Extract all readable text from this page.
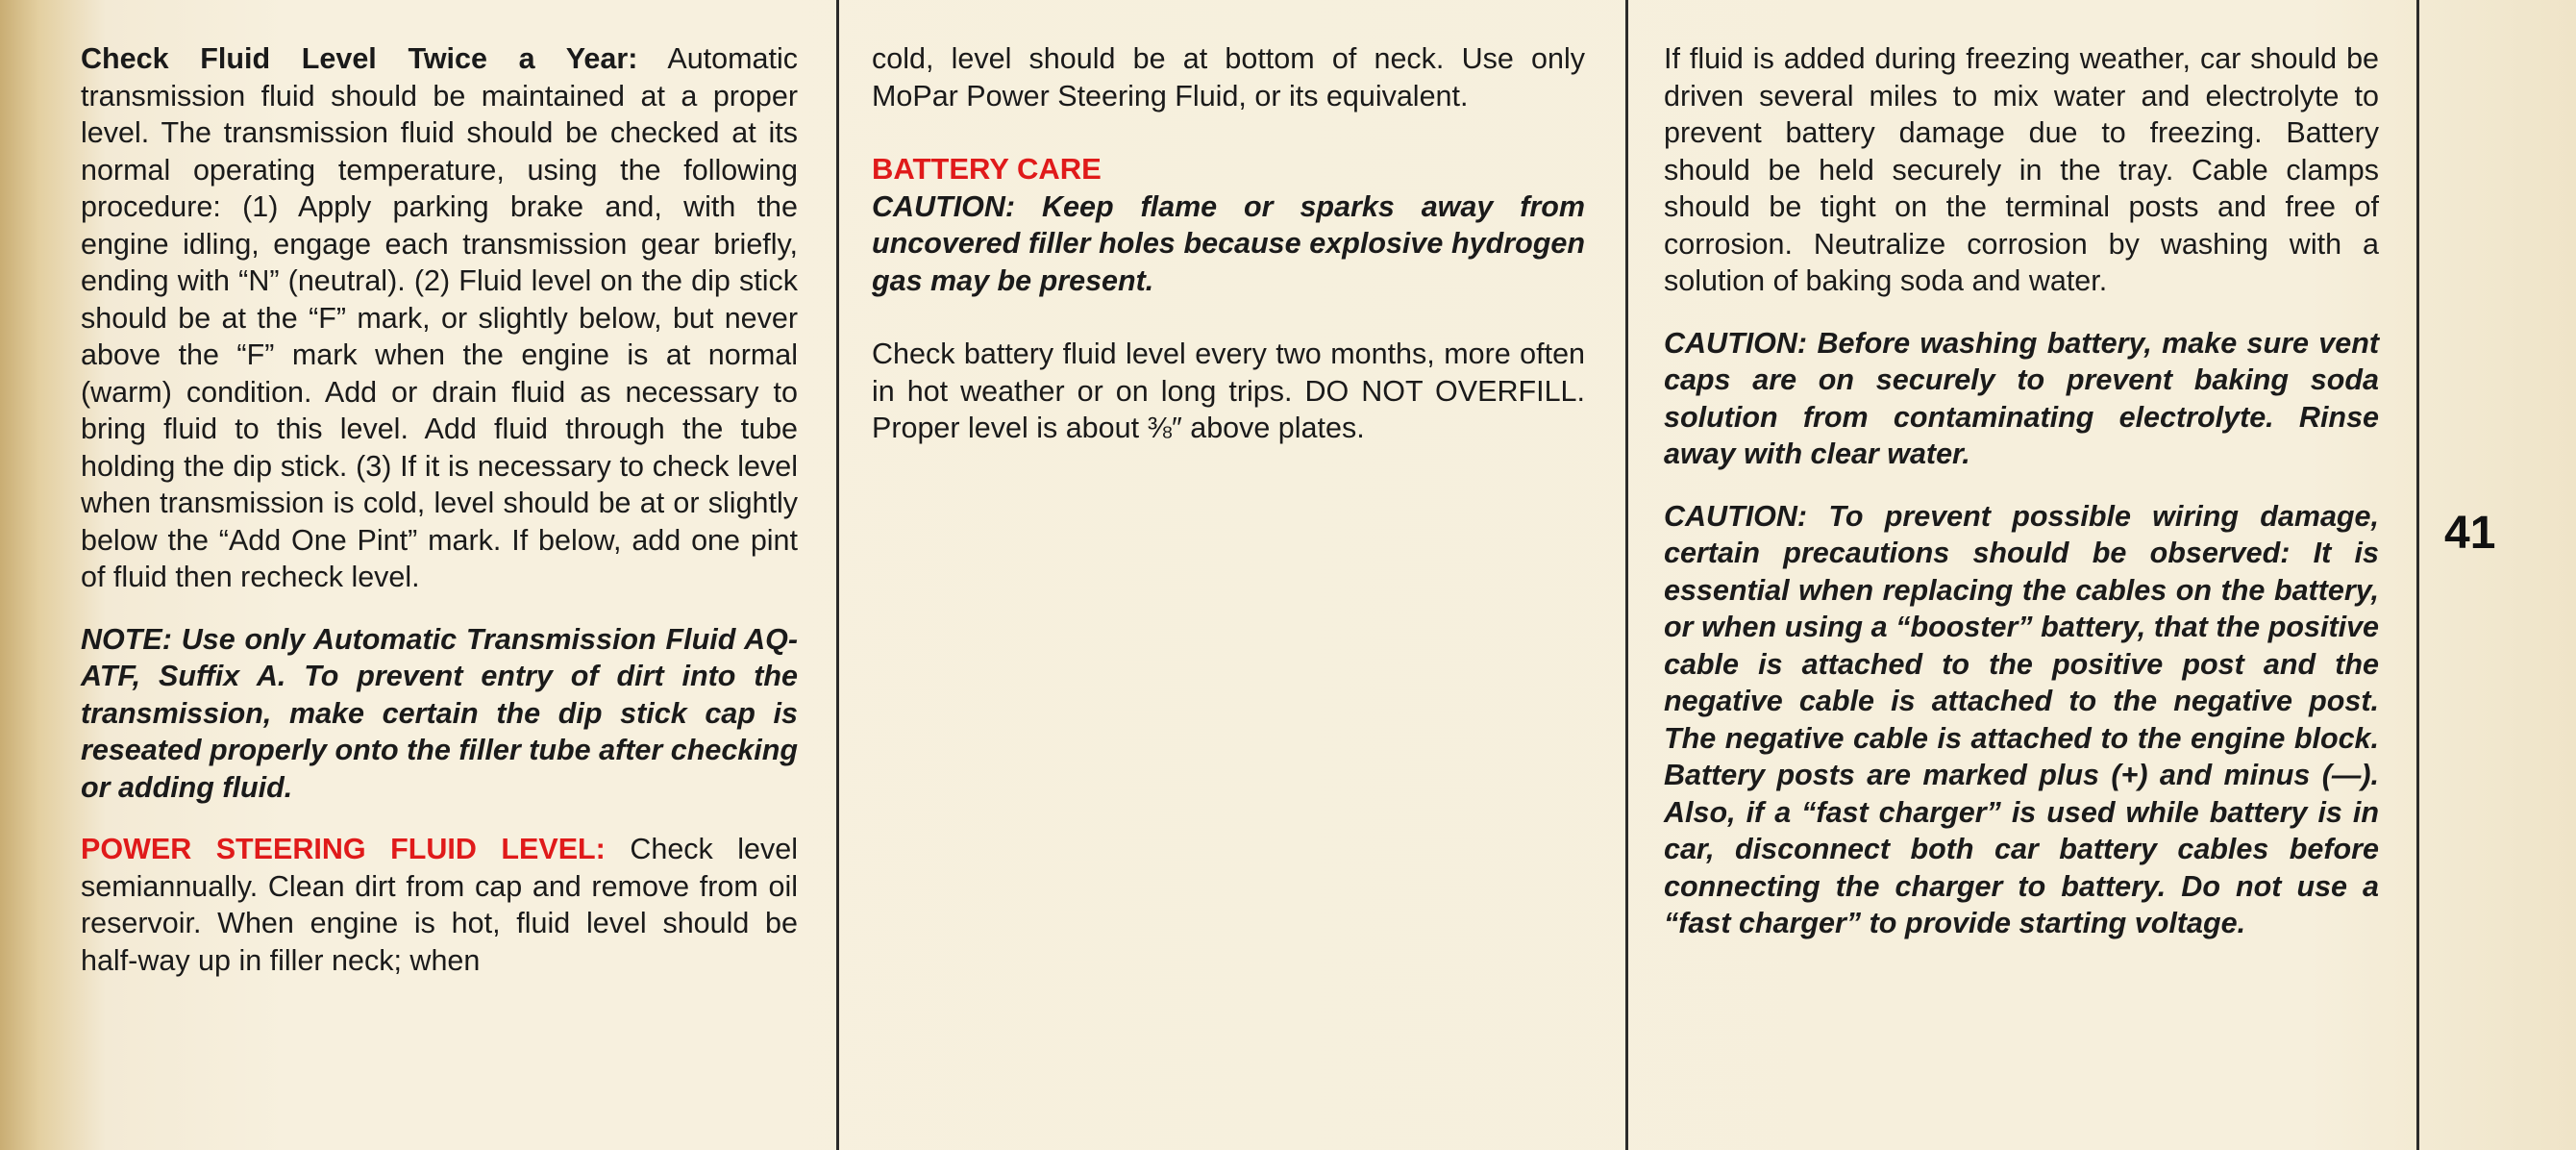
Check Fluid Level Twice a Year: Automatic transmission fluid should be maintained at a proper level. The transmission fluid should be checked at its normal operating temperature, using the following procedure: (1) Apply parking brake and, with the engine idling, engage each transmission gear briefly, ending with “N” (neutral). (2) Fluid level on the dip stick should be at the “F” mark, or slightly below, but never above the “F” mark when the engine is at normal (warm) condition. Add or drain fluid as necessary to bring fluid to this level. Add fluid through the tube holding the dip stick. (3) If it is necessary to check level when transmission is cold, level should be at or slightly below the “Add One Pint” mark. If below, add one pint of fluid then recheck level.

NOTE: Use only Automatic Transmission Fluid AQ-ATF, Suffix A. To prevent entry of dirt into the transmission, make certain the dip stick cap is reseated properly onto the filler tube after checking or adding fluid.

POWER STEERING FLUID LEVEL: Check level semiannually. Clean dirt from cap and remove from oil reservoir. When engine is hot, fluid level should be half-way up in filler neck; when

cold, level should be at bottom of neck. Use only MoPar Power Steering Fluid, or its equivalent.

BATTERY CARE

CAUTION: Keep flame or sparks away from uncovered filler holes because explosive hydrogen gas may be present.

Check battery fluid level every two months, more often in hot weather or on long trips. DO NOT OVERFILL. Proper level is about ⅜″ above plates.

If fluid is added during freezing weather, car should be driven several miles to mix water and electrolyte to prevent battery damage due to freezing. Battery should be held securely in the tray. Cable clamps should be tight on the terminal posts and free of corrosion. Neutralize corrosion by washing with a solution of baking soda and water.

CAUTION: Before washing battery, make sure vent caps are on securely to prevent baking soda solution from contaminating electrolyte. Rinse away with clear water.

CAUTION: To prevent possible wiring damage, certain precautions should be observed: It is essential when replacing the cables on the battery, or when using a “booster” battery, that the positive cable is attached to the positive post and the negative cable is attached to the negative post. The negative cable is attached to the engine block. Battery posts are marked plus (+) and minus (—). Also, if a “fast charger” is used while battery is in car, disconnect both car battery cables before connecting the charger to battery. Do not use a “fast charger” to provide starting voltage.

41
